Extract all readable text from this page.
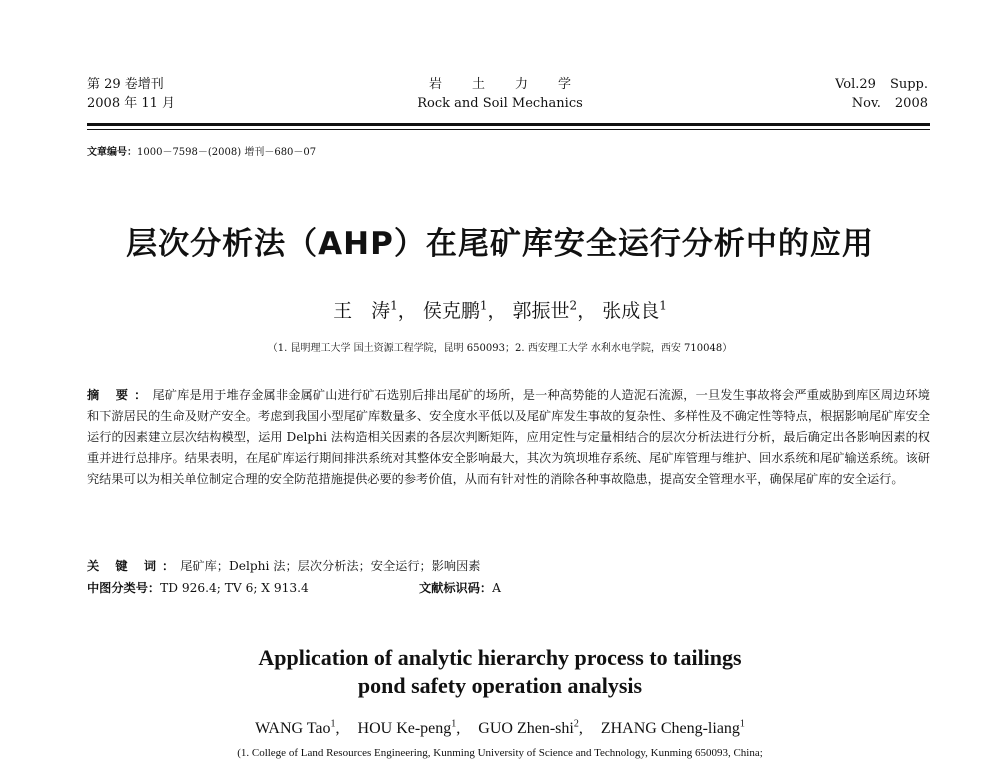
第 29 卷增刊
2008 年 11 月
岩土力学
Rock and Soil Mechanics
Vol.29 Supp.
Nov. 2008
文章编号：1000－7598－(2008) 增刊－680－07
层次分析法（AHP）在尾矿库安全运行分析中的应用
王　涛$^1$， 侯克鹏$^1$， 郭振世$^2$， 张成良$^1$
（1. 昆明理工大学 国土资源工程学院，昆明 650093；2. 西安理工大学 水利水电学院，西安 710048）
摘 要：尾矿库是用于堆存金属非金属矿山进行矿石选别后排出尾矿的场所，是一种高势能的人造泥石流源，一旦发生事故将会严重威胁到库区周边环境和下游居民的生命及财产安全。考虑到我国小型尾矿库数量多、安全度水平低以及尾矿库发生事故的复杂性、多样性及不确定性等特点，根据影响尾矿库安全运行的因素建立层次结构模型，运用 Delphi 法构造相关因素的各层次判断矩阵，应用定性与定量相结合的层次分析法进行分析，最后确定出各影响因素的权重并进行总排序。结果表明，在尾矿库运行期间排洪系统对其整体安全影响最大，其次为筑坝堆存系统、尾矿库管理与维护、回水系统和尾矿输送系统。该研究结果可以为相关单位制定合理的安全防范措施提供必要的参考价值，从而有针对性的消除各种事故隐患，提高安全管理水平，确保尾矿库的安全运行。
关 键 词：尾矿库；Delphi 法；层次分析法；安全运行；影响因素
中图分类号：TD 926.4; TV 6; X 913.4	文献标识码：A
Application of analytic hierarchy process to tailings
pond safety operation analysis
WANG Tao$^1$, HOU Ke-peng$^1$, GUO Zhen-shi$^2$, ZHANG Cheng-liang$^1$
(1. College of Land Resources Engineering, Kunming University of Science and Technology, Kunming 650093, China;
